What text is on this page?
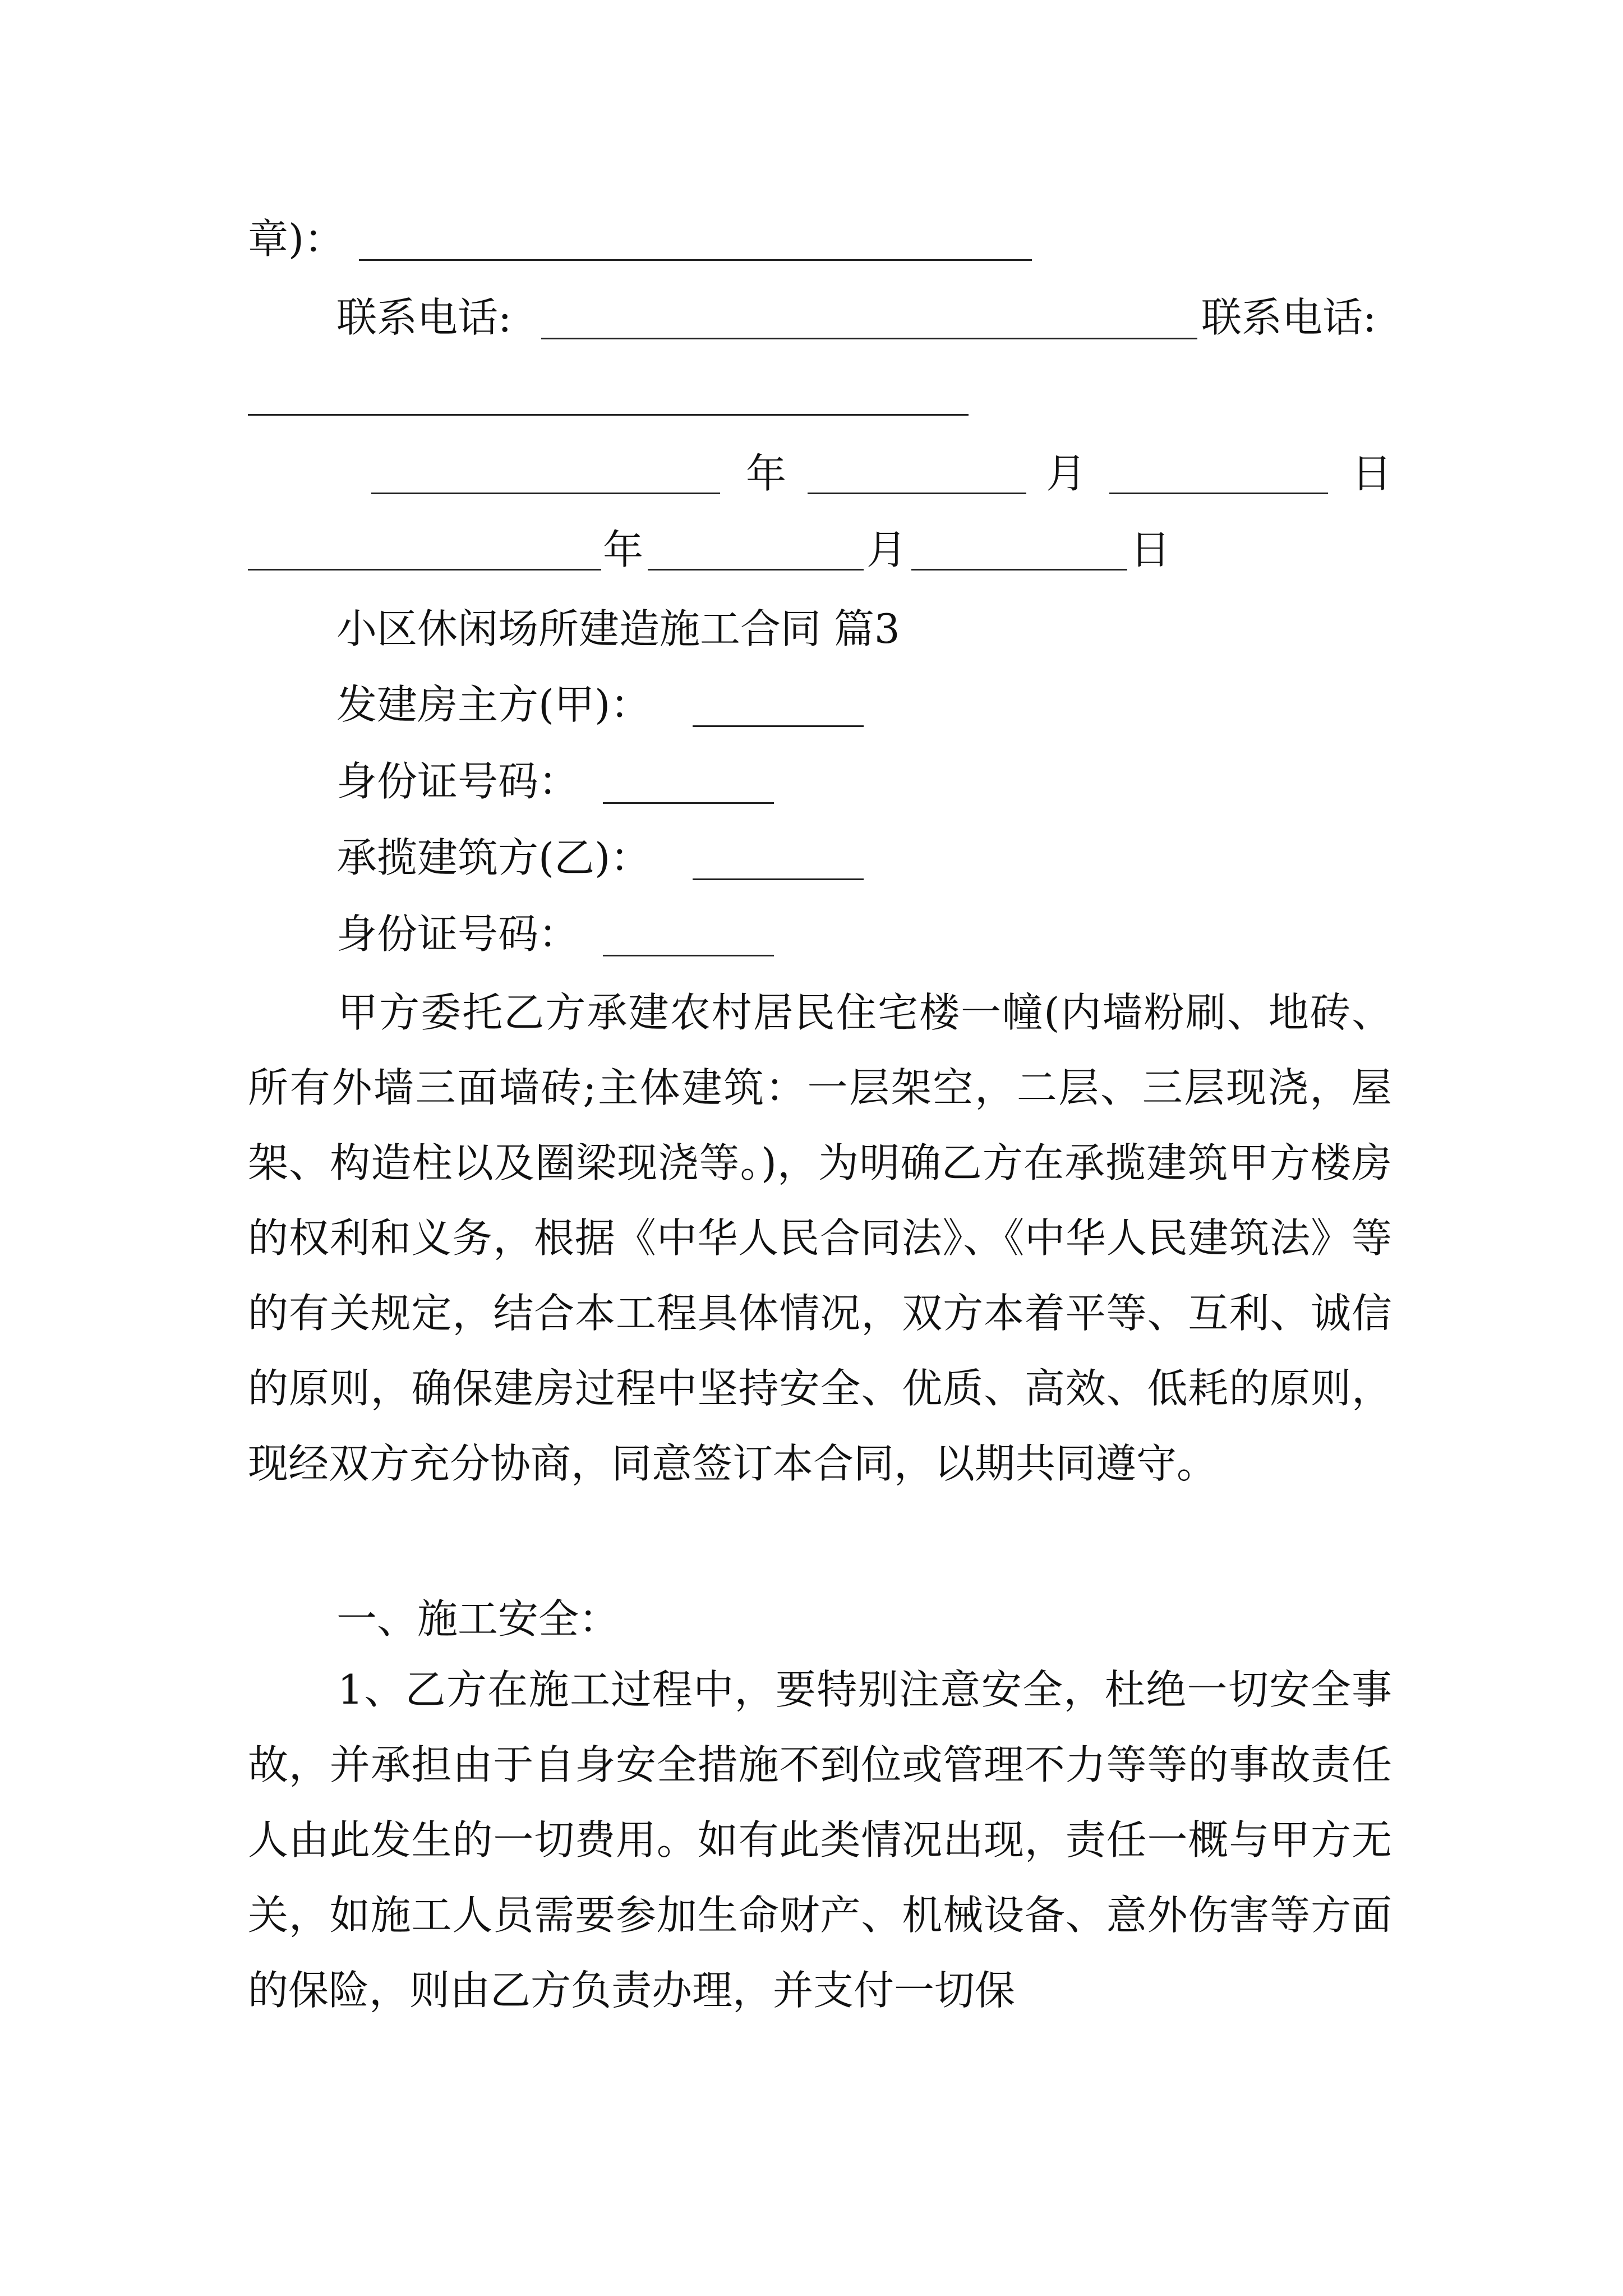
章)：
联系电话:	联系电话:
年	月	日
年	月	日
小区休闲场所建造施工合同 篇3
发建房主方(甲)：
身份证号码：
承揽建筑方(乙)：
身份证号码：

甲方委托乙方承建农村居民住宅楼一幢(内墙粉刷、地砖、所有外墙三面墙砖;主体建筑：一层架空，二层、三层现浇，屋架、构造柱以及圈梁现浇等。)，为明确乙方在承揽建筑甲方楼房的权利和义务，根据《中华人民合同法》、《中华人民建筑法》等的有关规定，结合本工程具体情况，双方本着平等、互利、诚信的原则，确保建房过程中坚持安全、优质、高效、低耗的原则，现经双方充分协商，同意签订本合同，以期共同遵守。

一、施工安全：

1、乙方在施工过程中，要特别注意安全，杜绝一切安全事故，并承担由于自身安全措施不到位或管理不力等等的事故责任人由此发生的一切费用。如有此类情况出现，责任一概与甲方无关，如施工人员需要参加生命财产、机械设备、意外伤害等方面的保险，则由乙方负责办理，并支付一切保
